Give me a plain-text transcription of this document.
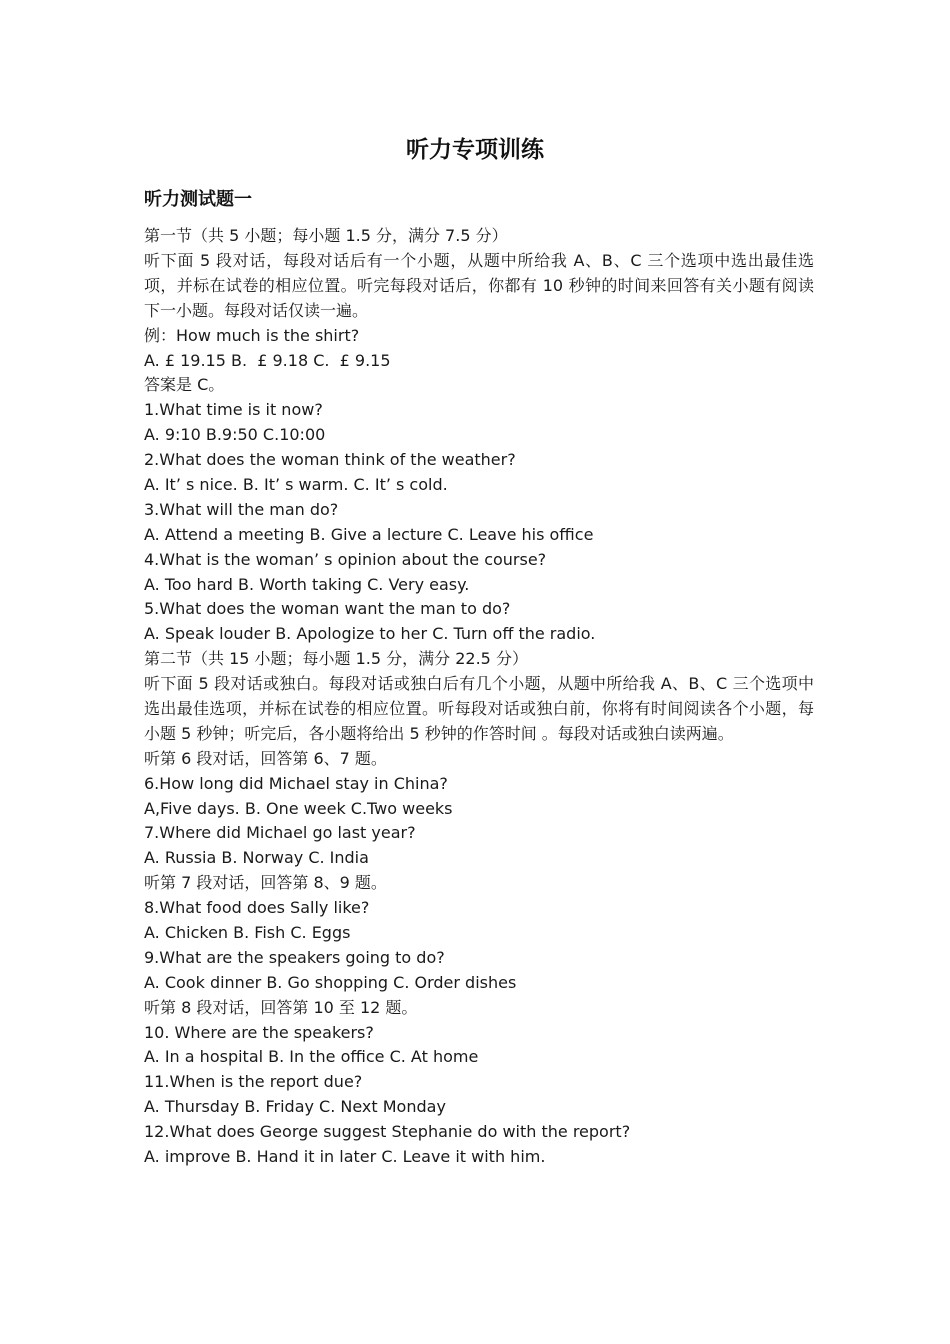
听力专项训练
听力测试题一
第一节（共 5 小题；每小题 1.5 分，满分 7.5 分）
听下面 5 段对话，每段对话后有一个小题，从题中所给我 A、B、C 三个选项中选出最佳选项，并标在试卷的相应位置。听完每段对话后，你都有 10 秒钟的时间来回答有关小题有阅读下一小题。每段对话仅读一遍。
例：How much is the shirt?
A. £ 19.15 B.  £ 9.18 C.  £ 9.15
答案是 C。
1.What time is it now?
A. 9:10 B.9:50 C.10:00
2.What does the woman think of the weather?
A. It’ s nice. B. It’ s warm. C. It’ s cold.
3.What will the man do?
A. Attend a meeting B. Give a lecture C. Leave his office
4.What is the woman’ s opinion about the course?
A. Too hard B. Worth taking C. Very easy.
5.What does the woman want the man to do?
A. Speak louder B. Apologize to her C. Turn off the radio.
第二节（共 15 小题；每小题 1.5 分，满分 22.5 分）
听下面 5 段对话或独白。每段对话或独白后有几个小题，从题中所给我 A、B、C 三个选项中选出最佳选项，并标在试卷的相应位置。听每段对话或独白前，你将有时间阅读各个小题，每小题 5 秒钟；听完后，各小题将给出 5 秒钟的作答时间 。每段对话或独白读两遍。
听第 6 段对话，回答第 6、7 题。
6.How long did Michael stay in China?
A,Five days. B. One week C.Two weeks
7.Where did Michael go last year?
A. Russia B. Norway C. India
听第 7 段对话，回答第 8、9 题。
8.What food does Sally like?
A. Chicken B. Fish C. Eggs
9.What are the speakers going to do?
A. Cook dinner B. Go shopping C. Order dishes
听第 8 段对话，回答第 10 至 12 题。
10. Where are the speakers?
A. In a hospital B. In the office C. At home
11.When is the report due?
A. Thursday B. Friday C. Next Monday
12.What does George suggest Stephanie do with the report?
A. improve B. Hand it in later C. Leave it with him.
